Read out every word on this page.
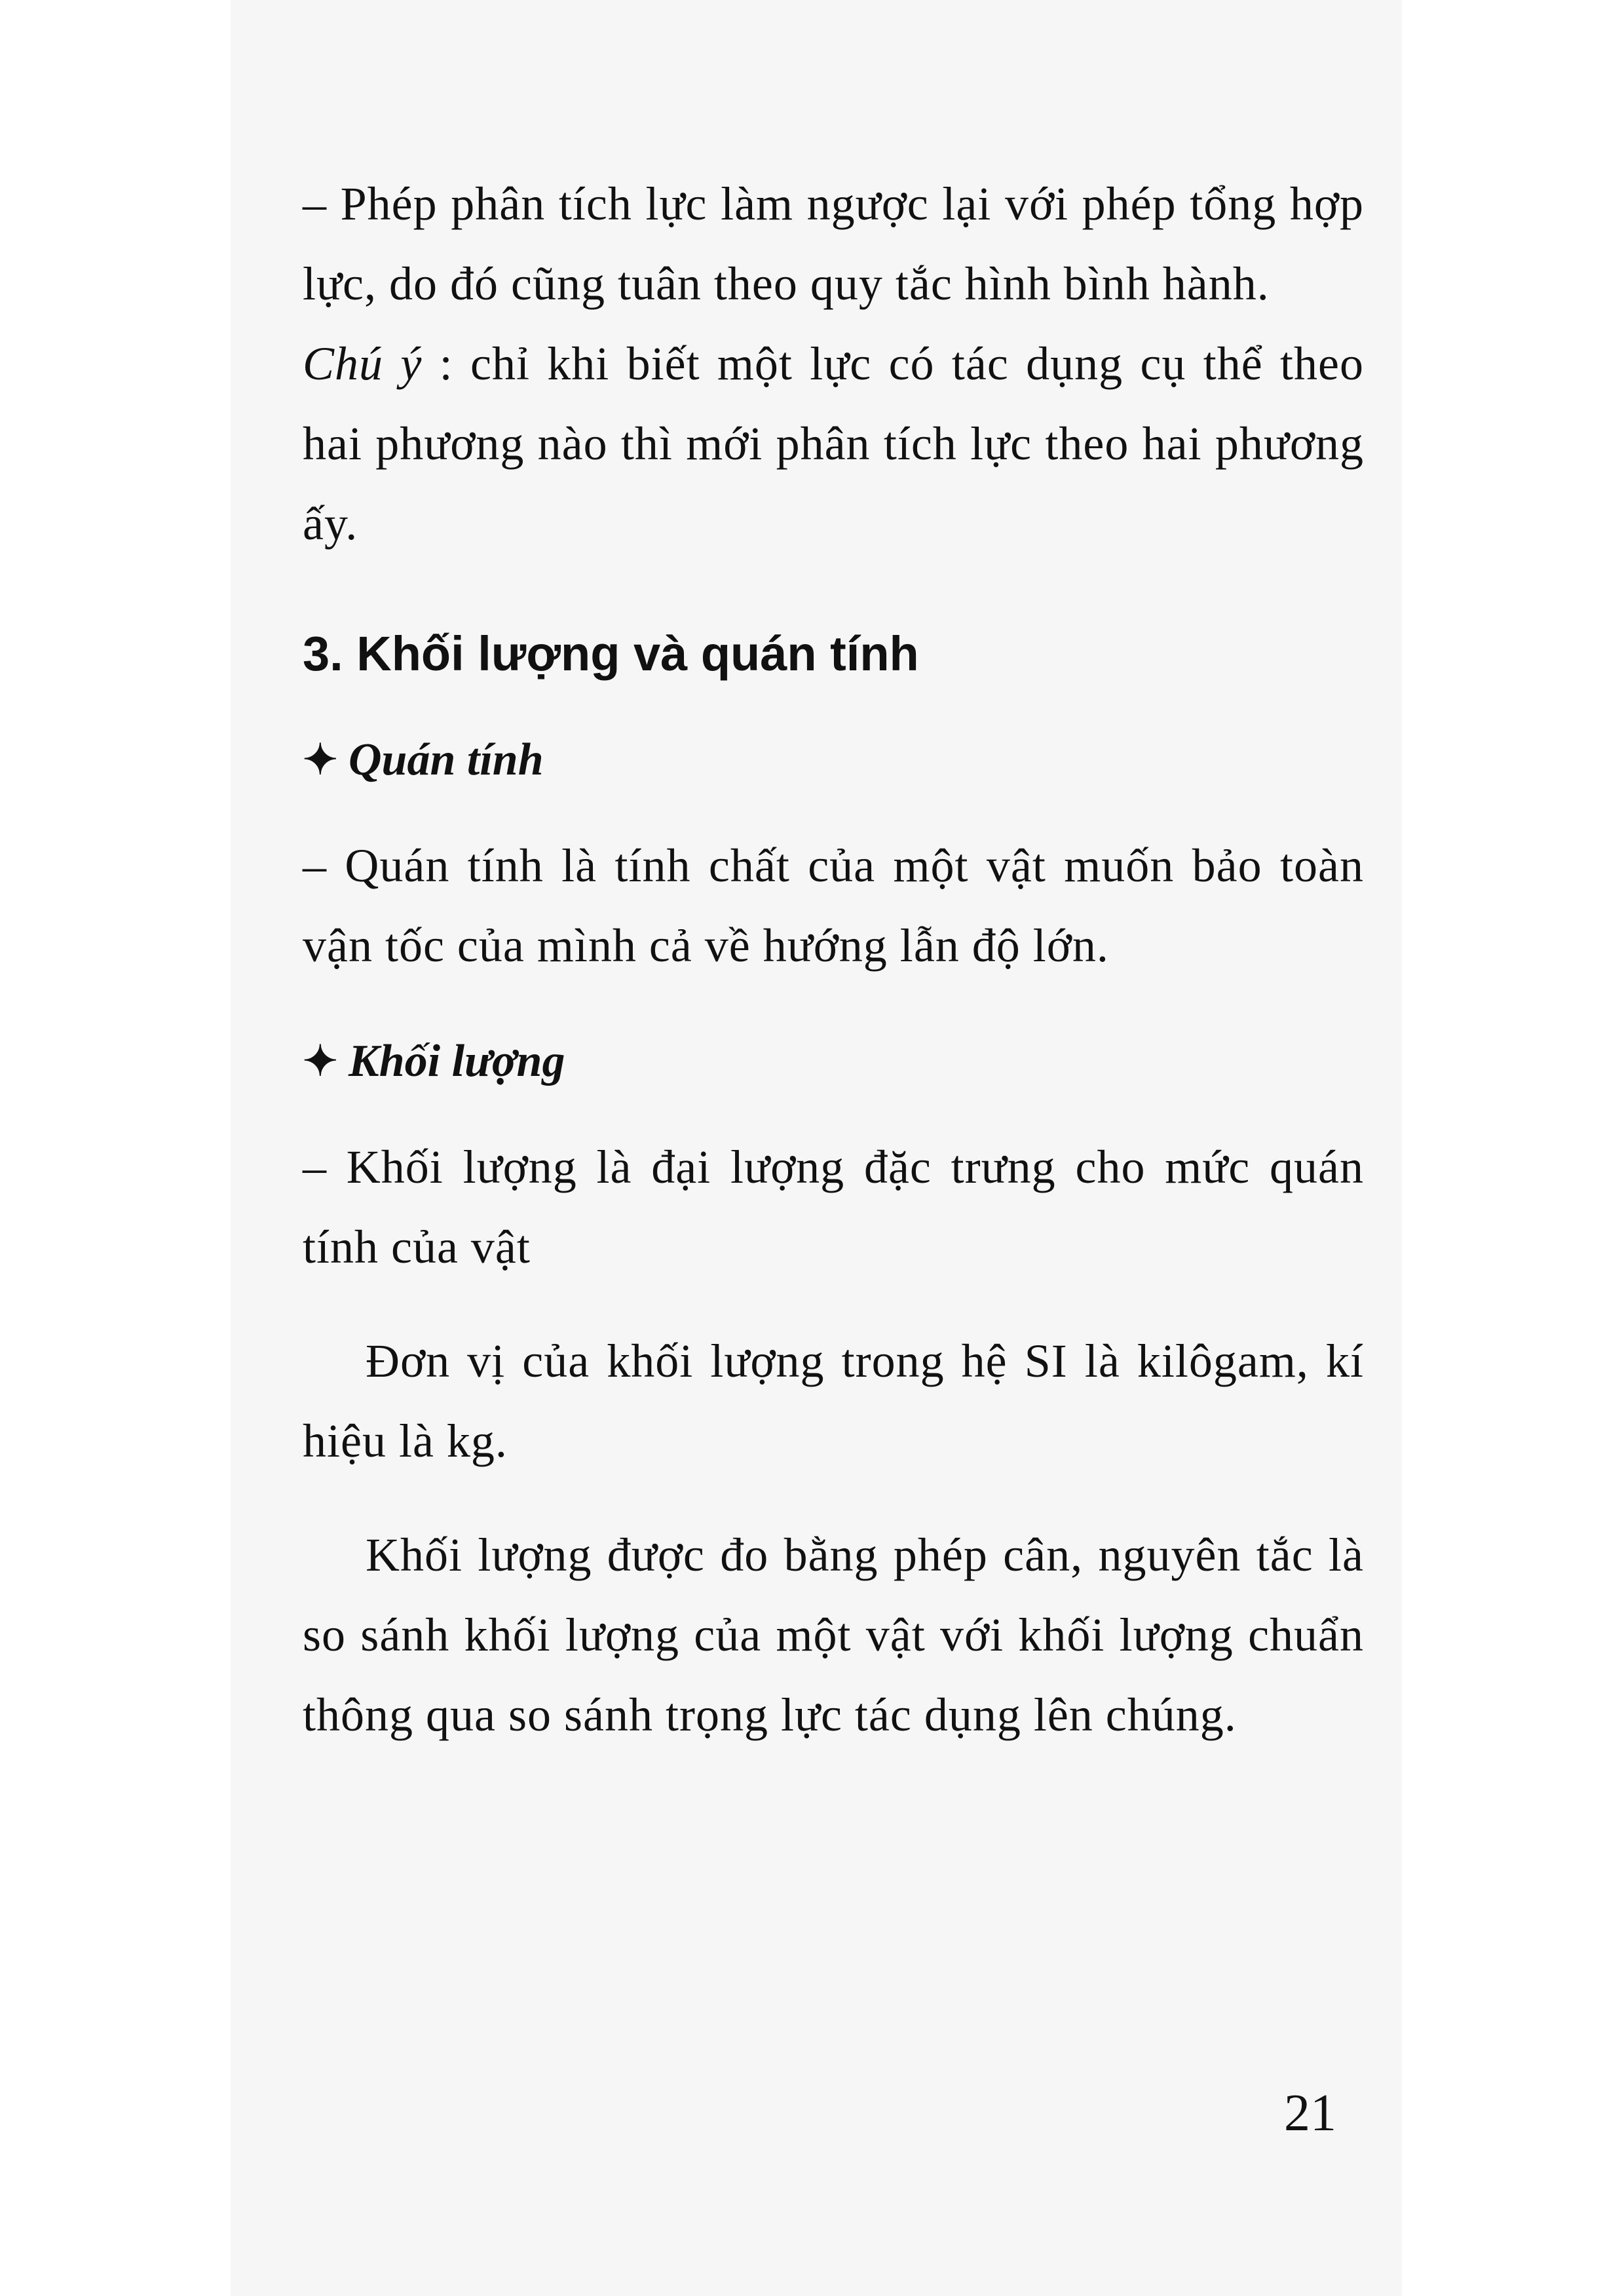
– Phép phân tích lực làm ngược lại với phép tổng hợp lực, do đó cũng tuân theo quy tắc hình bình hành.

Chú ý : chỉ khi biết một lực có tác dụng cụ thể theo hai phương nào thì mới phân tích lực theo hai phương ấy.

3. Khối lượng và quán tính
✦ Quán tính

– Quán tính là tính chất của một vật muốn bảo toàn vận tốc của mình cả về hướng lẫn độ lớn.

✦ Khối lượng

– Khối lượng là đại lượng đặc trưng cho mức quán tính của vật

Đơn vị của khối lượng trong hệ SI là kilôgam, kí hiệu là kg.

Khối lượng được đo bằng phép cân, nguyên tắc là so sánh khối lượng của một vật với khối lượng chuẩn thông qua so sánh trọng lực tác dụng lên chúng.

21
